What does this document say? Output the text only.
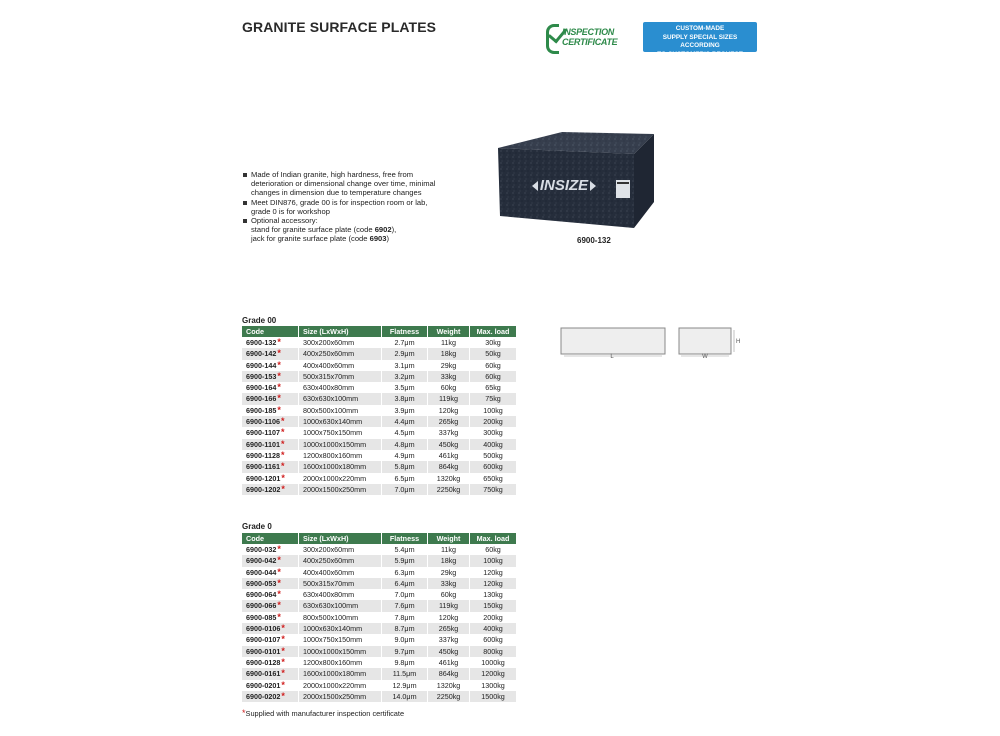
GRANITE SURFACE PLATES	INSPECTION
CERTIFICATE
CUSTOM-MADE
SUPPLY SPECIAL SIZES ACCORDING
TO CUSTOMER'S REQUEST
INSIZE
6900-132
Made of Indian granite, high hardness, free from deterioration or dimensional change over time, minimal changes in dimension due to temperature changes
Meet DIN876, grade 00 is for inspection room or lab, grade 0 is for workshop
Optional accessory:
stand for granite surface plate (code 6902),
jack for granite surface plate (code 6903)
L	W
H
Grade 00
Code	Size (LxWxH)	Flatness	Weight	Max. load
6900-132*	300x200x60mm	2.7μm	11kg	30kg
6900-142*	400x250x60mm	2.9μm	18kg	50kg
6900-144*	400x400x60mm	3.1μm	29kg	60kg
6900-153*	500x315x70mm	3.2μm	33kg	60kg
6900-164*	630x400x80mm	3.5μm	60kg	65kg
6900-166*	630x630x100mm	3.8μm	119kg	75kg
6900-185*	800x500x100mm	3.9μm	120kg	100kg
6900-1106*	1000x630x140mm	4.4μm	265kg	200kg
6900-1107*	1000x750x150mm	4.5μm	337kg	300kg
6900-1101*	1000x1000x150mm	4.8μm	450kg	400kg
6900-1128*	1200x800x160mm	4.9μm	461kg	500kg
6900-1161*	1600x1000x180mm	5.8μm	864kg	600kg
6900-1201*	2000x1000x220mm	6.5μm	1320kg	650kg
6900-1202*	2000x1500x250mm	7.0μm	2250kg	750kg
Grade 0
Code	Size (LxWxH)	Flatness	Weight	Max. load
6900-032*	300x200x60mm	5.4μm	11kg	60kg
6900-042*	400x250x60mm	5.9μm	18kg	100kg
6900-044*	400x400x60mm	6.3μm	29kg	120kg
6900-053*	500x315x70mm	6.4μm	33kg	120kg
6900-064*	630x400x80mm	7.0μm	60kg	130kg
6900-066*	630x630x100mm	7.6μm	119kg	150kg
6900-085*	800x500x100mm	7.8μm	120kg	200kg
6900-0106*	1000x630x140mm	8.7μm	265kg	400kg
6900-0107*	1000x750x150mm	9.0μm	337kg	600kg
6900-0101*	1000x1000x150mm	9.7μm	450kg	800kg
6900-0128*	1200x800x160mm	9.8μm	461kg	1000kg
6900-0161*	1600x1000x180mm	11.5μm	864kg	1200kg
6900-0201*	2000x1000x220mm	12.9μm	1320kg	1300kg
6900-0202*	2000x1500x250mm	14.0μm	2250kg	1500kg
*Supplied with manufacturer inspection certificate
